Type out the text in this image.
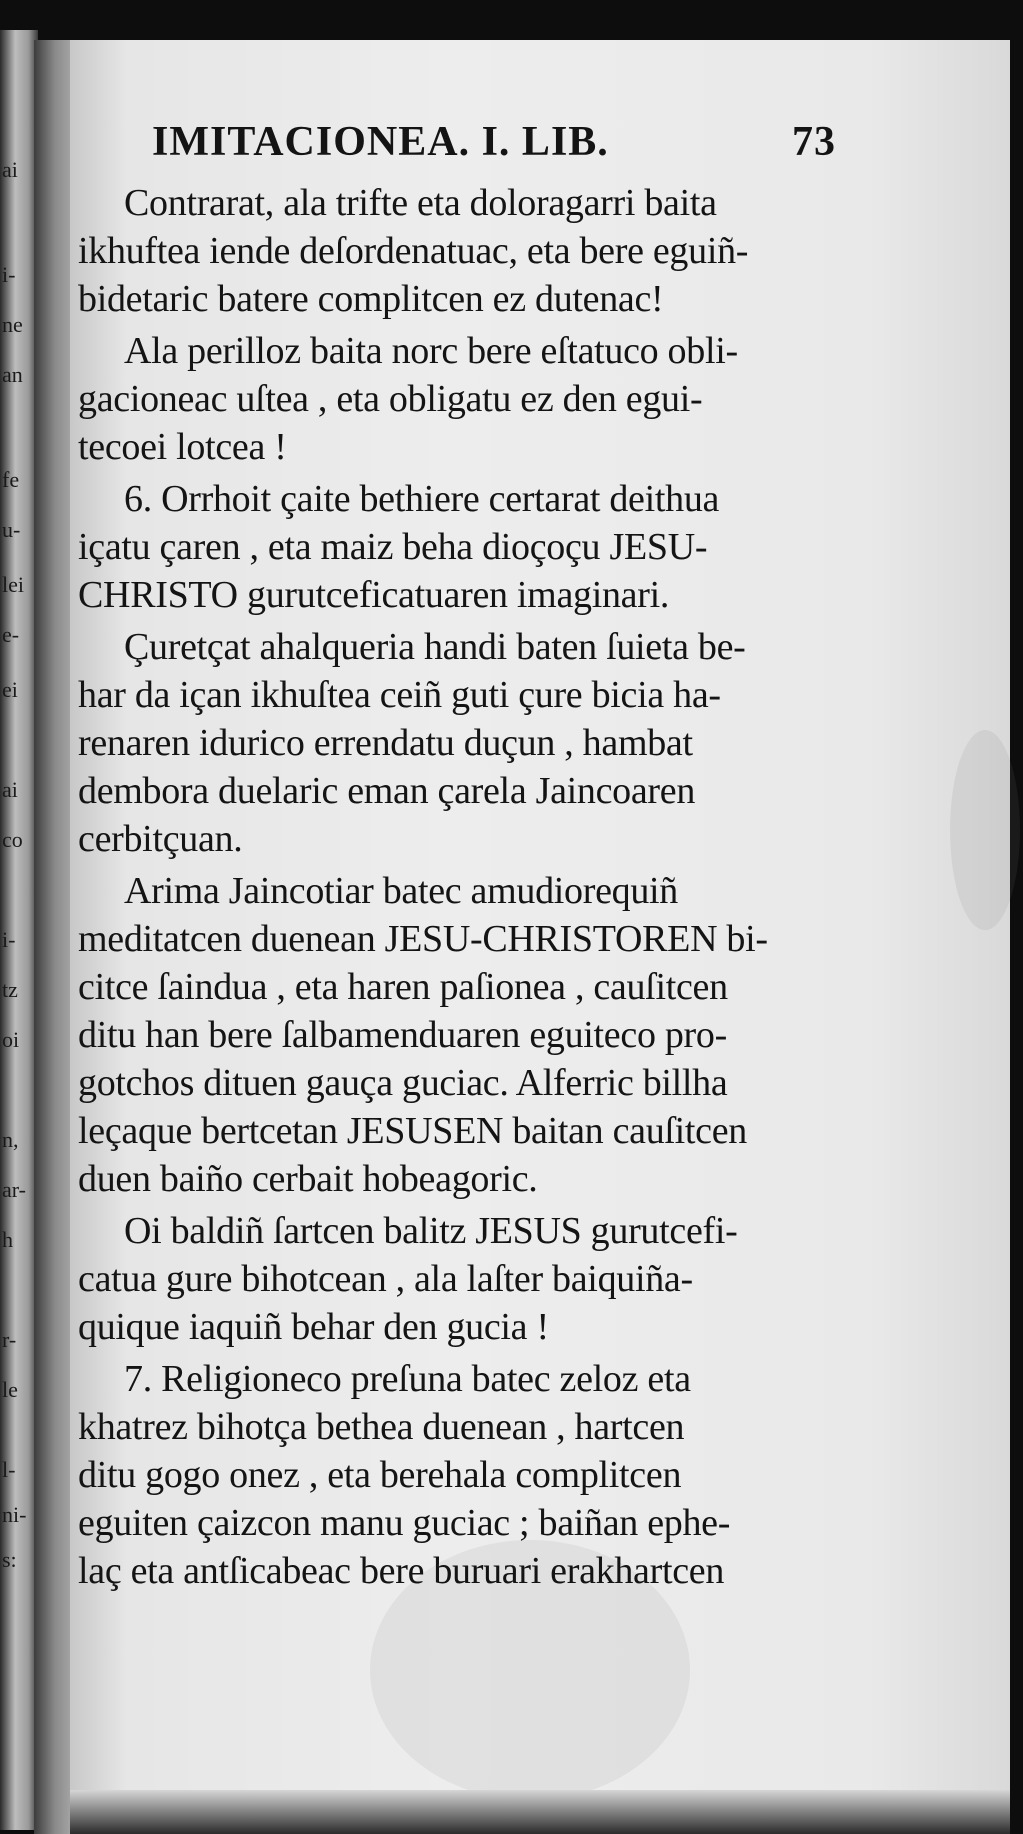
IMITACIONEA. I. LIB.	73
Contrarat, ala trifte eta doloragarri baita
ikhuftea iende deſordenatuac, eta bere eguiñ-
bidetaric batere complitcen ez dutenac!
Ala perilloz baita norc bere eſtatuco obli-
gacioneac uſtea , eta obligatu ez den egui-
tecoei lotcea !
6. Orrhoit çaite bethiere certarat deithua
içatu çaren , eta maiz beha dioçoçu JESU-
CHRISTO gurutceficatuaren imaginari.
Çuretçat ahalqueria handi baten ſuieta be-
har da içan ikhuſtea ceiñ guti çure bicia ha-
renaren idurico errendatu duçun , hambat
dembora duelaric eman çarela Jaincoaren
cerbitçuan.
Arima Jaincotiar batec amudiorequiñ
meditatcen duenean JESU-CHRISTOREN bi-
citce ſaindua , eta haren paſionea , cauſitcen
ditu han bere ſalbamenduaren eguiteco pro-
gotchos dituen gauça guciac. Alferric billha
leçaque bertcetan JESUSEN baitan cauſitcen
duen baiño cerbait hobeagoric.
Oi baldiñ ſartcen balitz JESUS gurutcefi-
catua gure bihotcean , ala laſter baiquiña-
quique iaquiñ behar den gucia !
7. Religioneco preſuna batec zeloz eta
khatrez bihotça bethea duenean , hartcen
ditu gogo onez , eta berehala complitcen
eguiten çaizcon manu guciac ; baiñan ephe-
laç eta antſicabeac bere buruari erakhartcen
